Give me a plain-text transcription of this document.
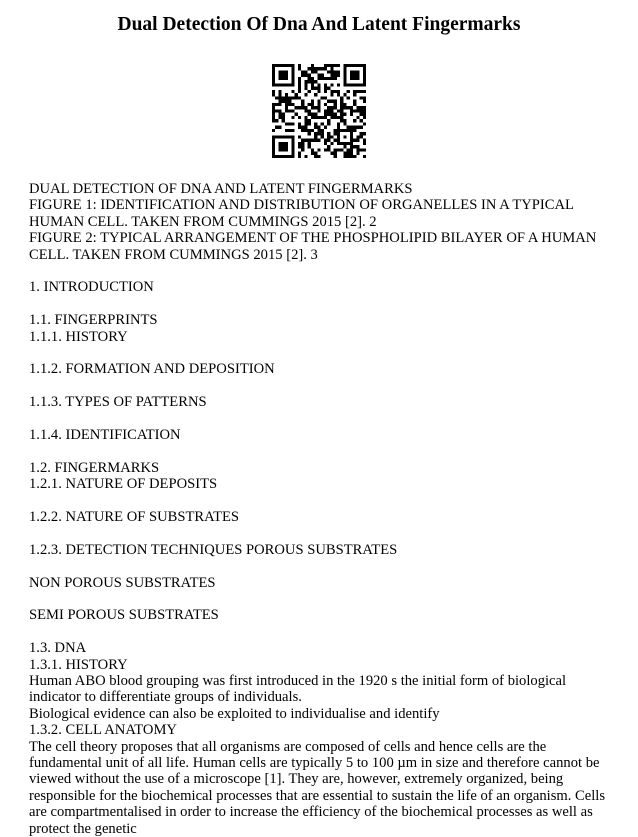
Dual Detection Of Dna And Latent Fingermarks
DUAL DETECTION OF DNA AND LATENT FINGERMARKS
FIGURE 1: IDENTIFICATION AND DISTRIBUTION OF ORGANELLES IN A TYPICAL
HUMAN CELL. TAKEN FROM CUMMINGS 2015 [2]. 2
FIGURE 2: TYPICAL ARRANGEMENT OF THE PHOSPHOLIPID BILAYER OF A HUMAN
CELL. TAKEN FROM CUMMINGS 2015 [2]. 3
1. INTRODUCTION
1.1. FINGERPRINTS
1.1.1. HISTORY
1.1.2. FORMATION AND DEPOSITION
1.1.3. TYPES OF PATTERNS
1.1.4. IDENTIFICATION
1.2. FINGERMARKS
1.2.1. NATURE OF DEPOSITS
1.2.2. NATURE OF SUBSTRATES
1.2.3. DETECTION TECHNIQUES POROUS SUBSTRATES
NON POROUS SUBSTRATES
SEMI POROUS SUBSTRATES
1.3. DNA
1.3.1. HISTORY
Human ABO blood grouping was first introduced in the 1920 s the initial form of biological indicator to differentiate groups of individuals.
Biological evidence can also be exploited to individualise and identify
1.3.2. CELL ANATOMY
The cell theory proposes that all organisms are composed of cells and hence cells are the fundamental unit of all life. Human cells are typically 5 to 100 µm in size and therefore cannot be viewed without the use of a microscope [1]. They are, however, extremely organized, being responsible for the biochemical processes that are essential to sustain the life of an organism. Cells are compartmentalised in order to increase the efficiency of the biochemical processes as well as protect the genetic
